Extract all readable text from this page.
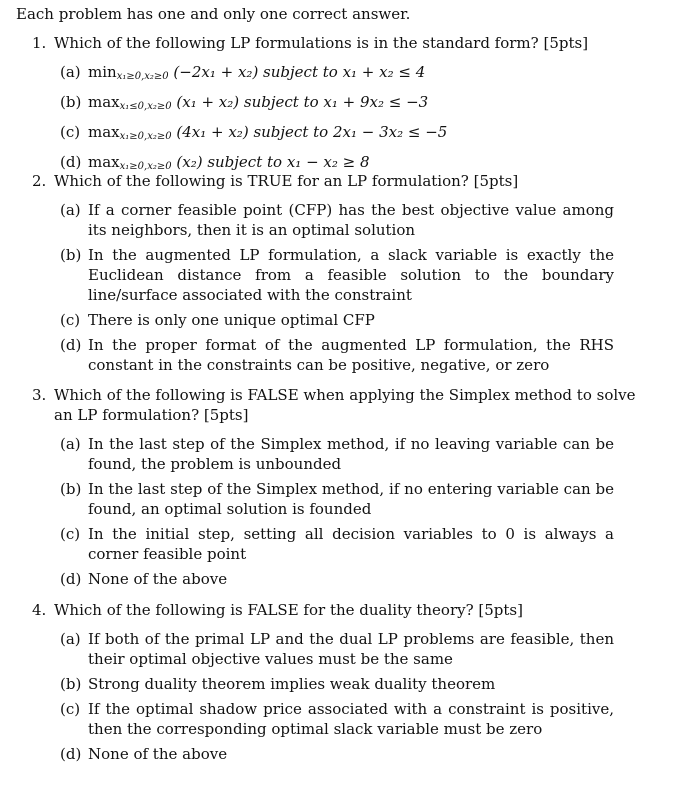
Each problem has one and only one correct answer.
1. Which of the following LP formulations is in the standard form? [5pts]
(a) $\min_{x_1\ge 0,x_2\ge 0} (-2x_1 + x_2)$ subject to x₁ + x₂ ≤ 4
(b) $\max_{x_1\le 0,x_2\ge 0} (x_1 + x_2)$ subject to x₁ + 9x₂ ≤ −3
(c) $\max_{x_1\ge 0,x_2\ge 0} (4x_1 + x_2)$ subject to 2x₁ − 3x₂ ≤ −5
(d) $\max_{x_1\ge 0,x_2\ge 0} (x_2)$ subject to x₁ − x₂ ≥ 8
2. Which of the following is TRUE for an LP formulation? [5pts]
(a) If a corner feasible point (CFP) has the best objective value among its neighbors, then it is an optimal solution
(b) In the augmented LP formulation, a slack variable is exactly the Euclidean distance from a feasible solution to the boundary line/surface associated with the constraint
(c) There is only one unique optimal CFP
(d) In the proper format of the augmented LP formulation, the RHS constant in the constraints can be positive, negative, or zero
3. Which of the following is FALSE when applying the Simplex method to solve an LP formulation? [5pts]
(a) In the last step of the Simplex method, if no leaving variable can be found, the problem is unbounded
(b) In the last step of the Simplex method, if no entering variable can be found, an optimal solution is founded
(c) In the initial step, setting all decision variables to 0 is always a corner feasible point
(d) None of the above
4. Which of the following is FALSE for the duality theory? [5pts]
(a) If both of the primal LP and the dual LP problems are feasible, then their optimal objective values must be the same
(b) Strong duality theorem implies weak duality theorem
(c) If the optimal shadow price associated with a constraint is positive, then the corresponding optimal slack variable must be zero
(d) None of the above
